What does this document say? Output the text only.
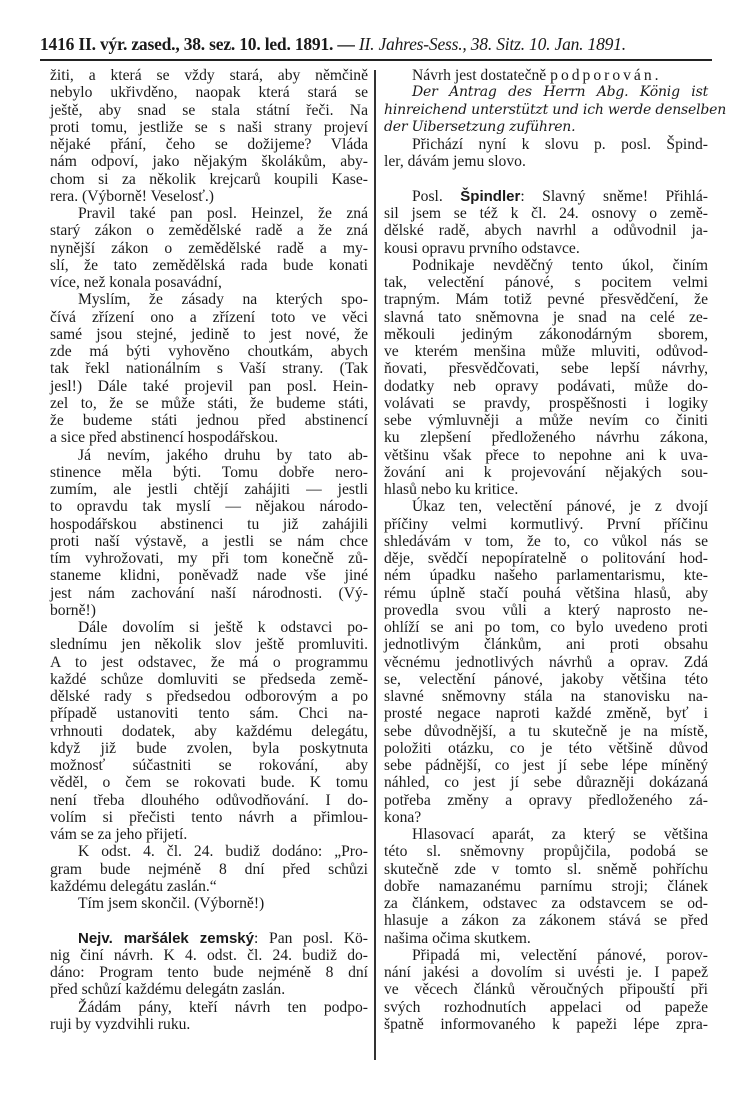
1416 II. výr. zased., 38. sez. 10. led. 1891. — II. Jahres-Sess., 38. Sitz. 10. Jan. 1891.
žiti, a která se vždy stará, aby němčině
nebylo ukřivděno, naopak která stará se
ještě, aby snad se stala státní řeči. Na
proti tomu, jestliže se s naši strany projeví
nějaké přání, čeho se dožijeme? Vláda
nám odpoví, jako nějakým školákům, aby-
chom si za několik krejcarů koupili Kase-
rera. (Výborně! Veselosť.)
Pravil také pan posl. Heinzel, že zná
starý zákon o zemědělské radě a že zná
nynější zákon o zemědělské radě a my-
slí, že tato zemědělská rada bude konati
více, než konala posavádní,
Myslím, že zásady na kterých spo-
čívá zřízení ono a zřízení toto ve věci
samé jsou stejné, jedině to jest nové, že
zde má býti vyhověno choutkám, abych
tak řekl nationálním s Vaší strany. (Tak
jesl!) Dále také projevil pan posl. Hein-
zel to, že se může státi, že budeme státi,
že budeme státi jednou před abstinencí
a sice před abstinencí hospodářskou.
Já nevím, jakého druhu by tato ab-
stinence měla býti. Tomu dobře nero-
zumím, ale jestli chtějí zahájiti — jestli
to opravdu tak myslí — nějakou národo-
hospodářskou abstinenci tu již zahájili
proti naší výstavě, a jestli se nám chce
tím vyhrožovati, my při tom konečně zů-
staneme klidni, poněvadž nade vše jiné
jest nám zachování naší národnosti. (Vý-
borně!)
Dále dovolím si ještě k odstavci po-
slednímu jen několik slov ještě promluviti.
A to jest odstavec, že má o programmu
každé schůze domluviti se předseda země-
dělské rady s předsedou odborovým a po
případě ustanoviti tento sám. Chci na-
vrhnouti dodatek, aby každému delegátu,
když již bude zvolen, byla poskytnuta
možnosť súčastniti se rokování, aby
věděl, o čem se rokovati bude. K tomu
není třeba dlouhého odůvodňování. I do-
volím si přečisti tento návrh a přimlou-
vám se za jeho přijetí.
K odst. 4. čl. 24. budiž dodáno: „Pro-
gram bude nejméně 8 dní před schůzi
každému delegátu zaslán.“
Tím jsem skončil. (Výborně!)
Nejv. maršálek zemský: Pan posl. Kö-
nig činí návrh. K 4. odst. čl. 24. budiž do-
dáno: Program tento bude nejméně 8 dní
před schůzí každému delegátn zaslán.
Žádám pány, kteří návrh ten podpo-
ruji by vyzdvihli ruku.
Návrh jest dostatečně podporován.
Der Antrag des Herrn Abg. König ist
hinreichend unterstützt und ich werde denselben
der Uibersetzung zuführen.
Přichází nyní k slovu p. posl. Špind-
ler, dávám jemu slovo.
Posl. Špindler: Slavný sněme! Přihlá-
sil jsem se též k čl. 24. osnovy o země-
dělské radě, abych navrhl a odůvodnil ja-
kousi opravu prvního odstavce.
Podnikaje nevděčný tento úkol, činím
tak, velectění pánové, s pocitem velmi
trapným. Mám totiž pevné přesvědčení, že
slavná tato sněmovna je snad na celé ze-
měkouli jediným zákonodárným sborem,
ve kterém menšina může mluviti, odůvod-
ňovati, přesvědčovati, sebe lepší návrhy,
dodatky neb opravy podávati, může do-
volávati se pravdy, prospěšnosti i logiky
sebe výmluvněji a může nevím co činiti
ku zlepšení předloženého návrhu zákona,
většinu však přece to nepohne ani k uva-
žování ani k projevování nějakých sou-
hlasů nebo ku kritice.
Úkaz ten, velectění pánové, je z dvojí
příčiny velmi kormutlivý. První příčinu
shledávám v tom, že to, co vůkol nás se
děje, svědčí nepopíratelně o politování hod-
ném úpadku našeho parlamentarismu, kte-
rému úplně stačí pouhá většina hlasů, aby
provedla svou vůli a který naprosto ne-
ohlíží se ani po tom, co bylo uvedeno proti
jednotlivým článkům, ani proti obsahu
věcnému jednotlivých návrhů a oprav. Zdá
se, velectění pánové, jakoby většina této
slavné sněmovny stála na stanovisku na-
prosté negace naproti každé změně, byť i
sebe důvodnější, a tu skutečně je na místě,
položiti otázku, co je této většině důvod
sebe pádnější, co jest jí sebe lépe míněný
náhled, co jest jí sebe důrazněji dokázaná
potřeba změny a opravy předloženého zá-
kona?
Hlasovací aparát, za který se většina
této sl. sněmovny propůjčila, podobá se
skutečně zde v tomto sl. sněmě pohříchu
dobře namazanému parnímu stroji; článek
za článkem, odstavec za odstavcem se od-
hlasuje a zákon za zákonem stává se před
našima očima skutkem.
Připadá mi, velectění pánové, porov-
nání jakési a dovolím si uvésti je. I papež
ve věcech článků věroučných připouští při
svých rozhodnutích appelaci od papeže
špatně informovaného k papeži lépe zpra-
